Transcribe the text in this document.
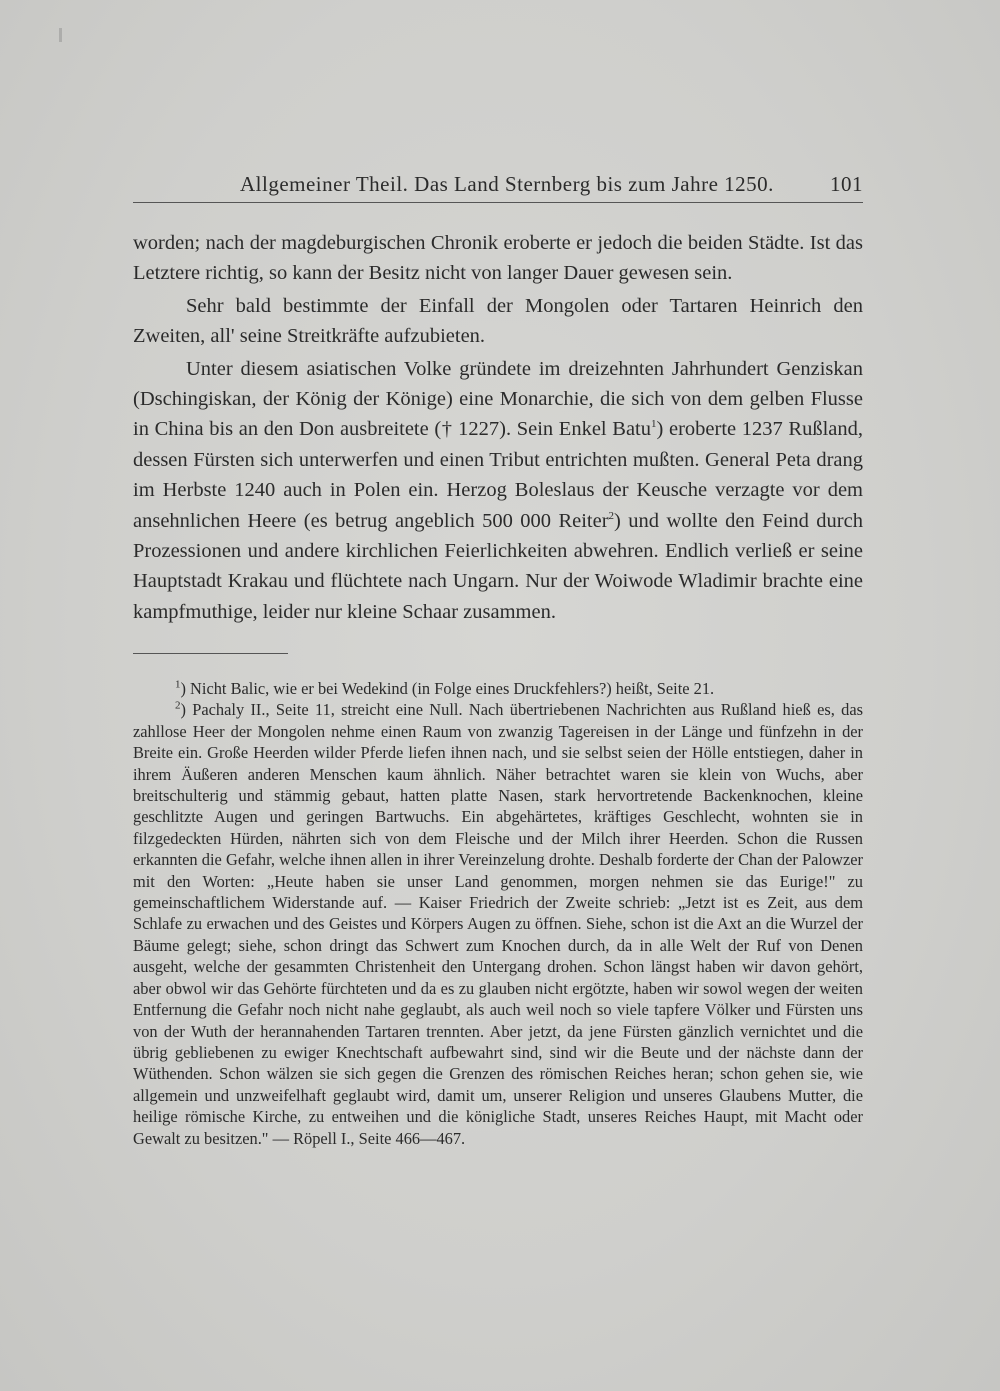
Allgemeiner Theil. Das Land Sternberg bis zum Jahre 1250.	101

worden; nach der magdeburgischen Chronik eroberte er jedoch die beiden Städte. Ist das Letztere richtig, so kann der Besitz nicht von langer Dauer gewesen sein.

Sehr bald bestimmte der Einfall der Mongolen oder Tartaren Heinrich den Zweiten, all' seine Streitkräfte aufzubieten.

Unter diesem asiatischen Volke gründete im dreizehnten Jahrhundert Genziskan (Dschingiskan, der König der Könige) eine Monarchie, die sich von dem gelben Flusse in China bis an den Don ausbreitete († 1227). Sein Enkel Batu$^1$) eroberte 1237 Rußland, dessen Fürsten sich unterwerfen und einen Tribut entrichten mußten. General Peta drang im Herbste 1240 auch in Polen ein. Herzog Boleslaus der Keusche verzagte vor dem ansehnlichen Heere (es betrug angeblich 500 000 Reiter$^2$) und wollte den Feind durch Prozessionen und andere kirchlichen Feierlichkeiten abwehren. Endlich verließ er seine Hauptstadt Krakau und flüchtete nach Ungarn. Nur der Woiwode Wladimir brachte eine kampfmuthige, leider nur kleine Schaar zusammen.

$^1$) Nicht Balic, wie er bei Wedekind (in Folge eines Druckfehlers?) heißt, Seite 21.

$^2$) Pachaly II., Seite 11, streicht eine Null. Nach übertriebenen Nachrichten aus Rußland hieß es, das zahllose Heer der Mongolen nehme einen Raum von zwanzig Tagereisen in der Länge und fünfzehn in der Breite ein. Große Heerden wilder Pferde liefen ihnen nach, und sie selbst seien der Hölle entstiegen, daher in ihrem Äußeren anderen Menschen kaum ähnlich. Näher betrachtet waren sie klein von Wuchs, aber breitschulterig und stämmig gebaut, hatten platte Nasen, stark hervortretende Backenknochen, kleine geschlitzte Augen und geringen Bartwuchs. Ein abgehärtetes, kräftiges Geschlecht, wohnten sie in filzgedeckten Hürden, nährten sich von dem Fleische und der Milch ihrer Heerden. Schon die Russen erkannten die Gefahr, welche ihnen allen in ihrer Vereinzelung drohte. Deshalb forderte der Chan der Palowzer mit den Worten: „Heute haben sie unser Land genommen, morgen nehmen sie das Eurige!" zu gemeinschaftlichem Widerstande auf. — Kaiser Friedrich der Zweite schrieb: „Jetzt ist es Zeit, aus dem Schlafe zu erwachen und des Geistes und Körpers Augen zu öffnen. Siehe, schon ist die Axt an die Wurzel der Bäume gelegt; siehe, schon dringt das Schwert zum Knochen durch, da in alle Welt der Ruf von Denen ausgeht, welche der gesammten Christenheit den Untergang drohen. Schon längst haben wir davon gehört, aber obwol wir das Gehörte fürchteten und da es zu glauben nicht ergötzte, haben wir sowol wegen der weiten Entfernung die Gefahr noch nicht nahe geglaubt, als auch weil noch so viele tapfere Völker und Fürsten uns von der Wuth der herannahenden Tartaren trennten. Aber jetzt, da jene Fürsten gänzlich vernichtet und die übrig gebliebenen zu ewiger Knechtschaft aufbewahrt sind, sind wir die Beute und der nächste dann der Wüthenden. Schon wälzen sie sich gegen die Grenzen des römischen Reiches heran; schon gehen sie, wie allgemein und unzweifelhaft geglaubt wird, damit um, unserer Religion und unseres Glaubens Mutter, die heilige römische Kirche, zu entweihen und die königliche Stadt, unseres Reiches Haupt, mit Macht oder Gewalt zu besitzen." — Röpell I., Seite 466—467.
